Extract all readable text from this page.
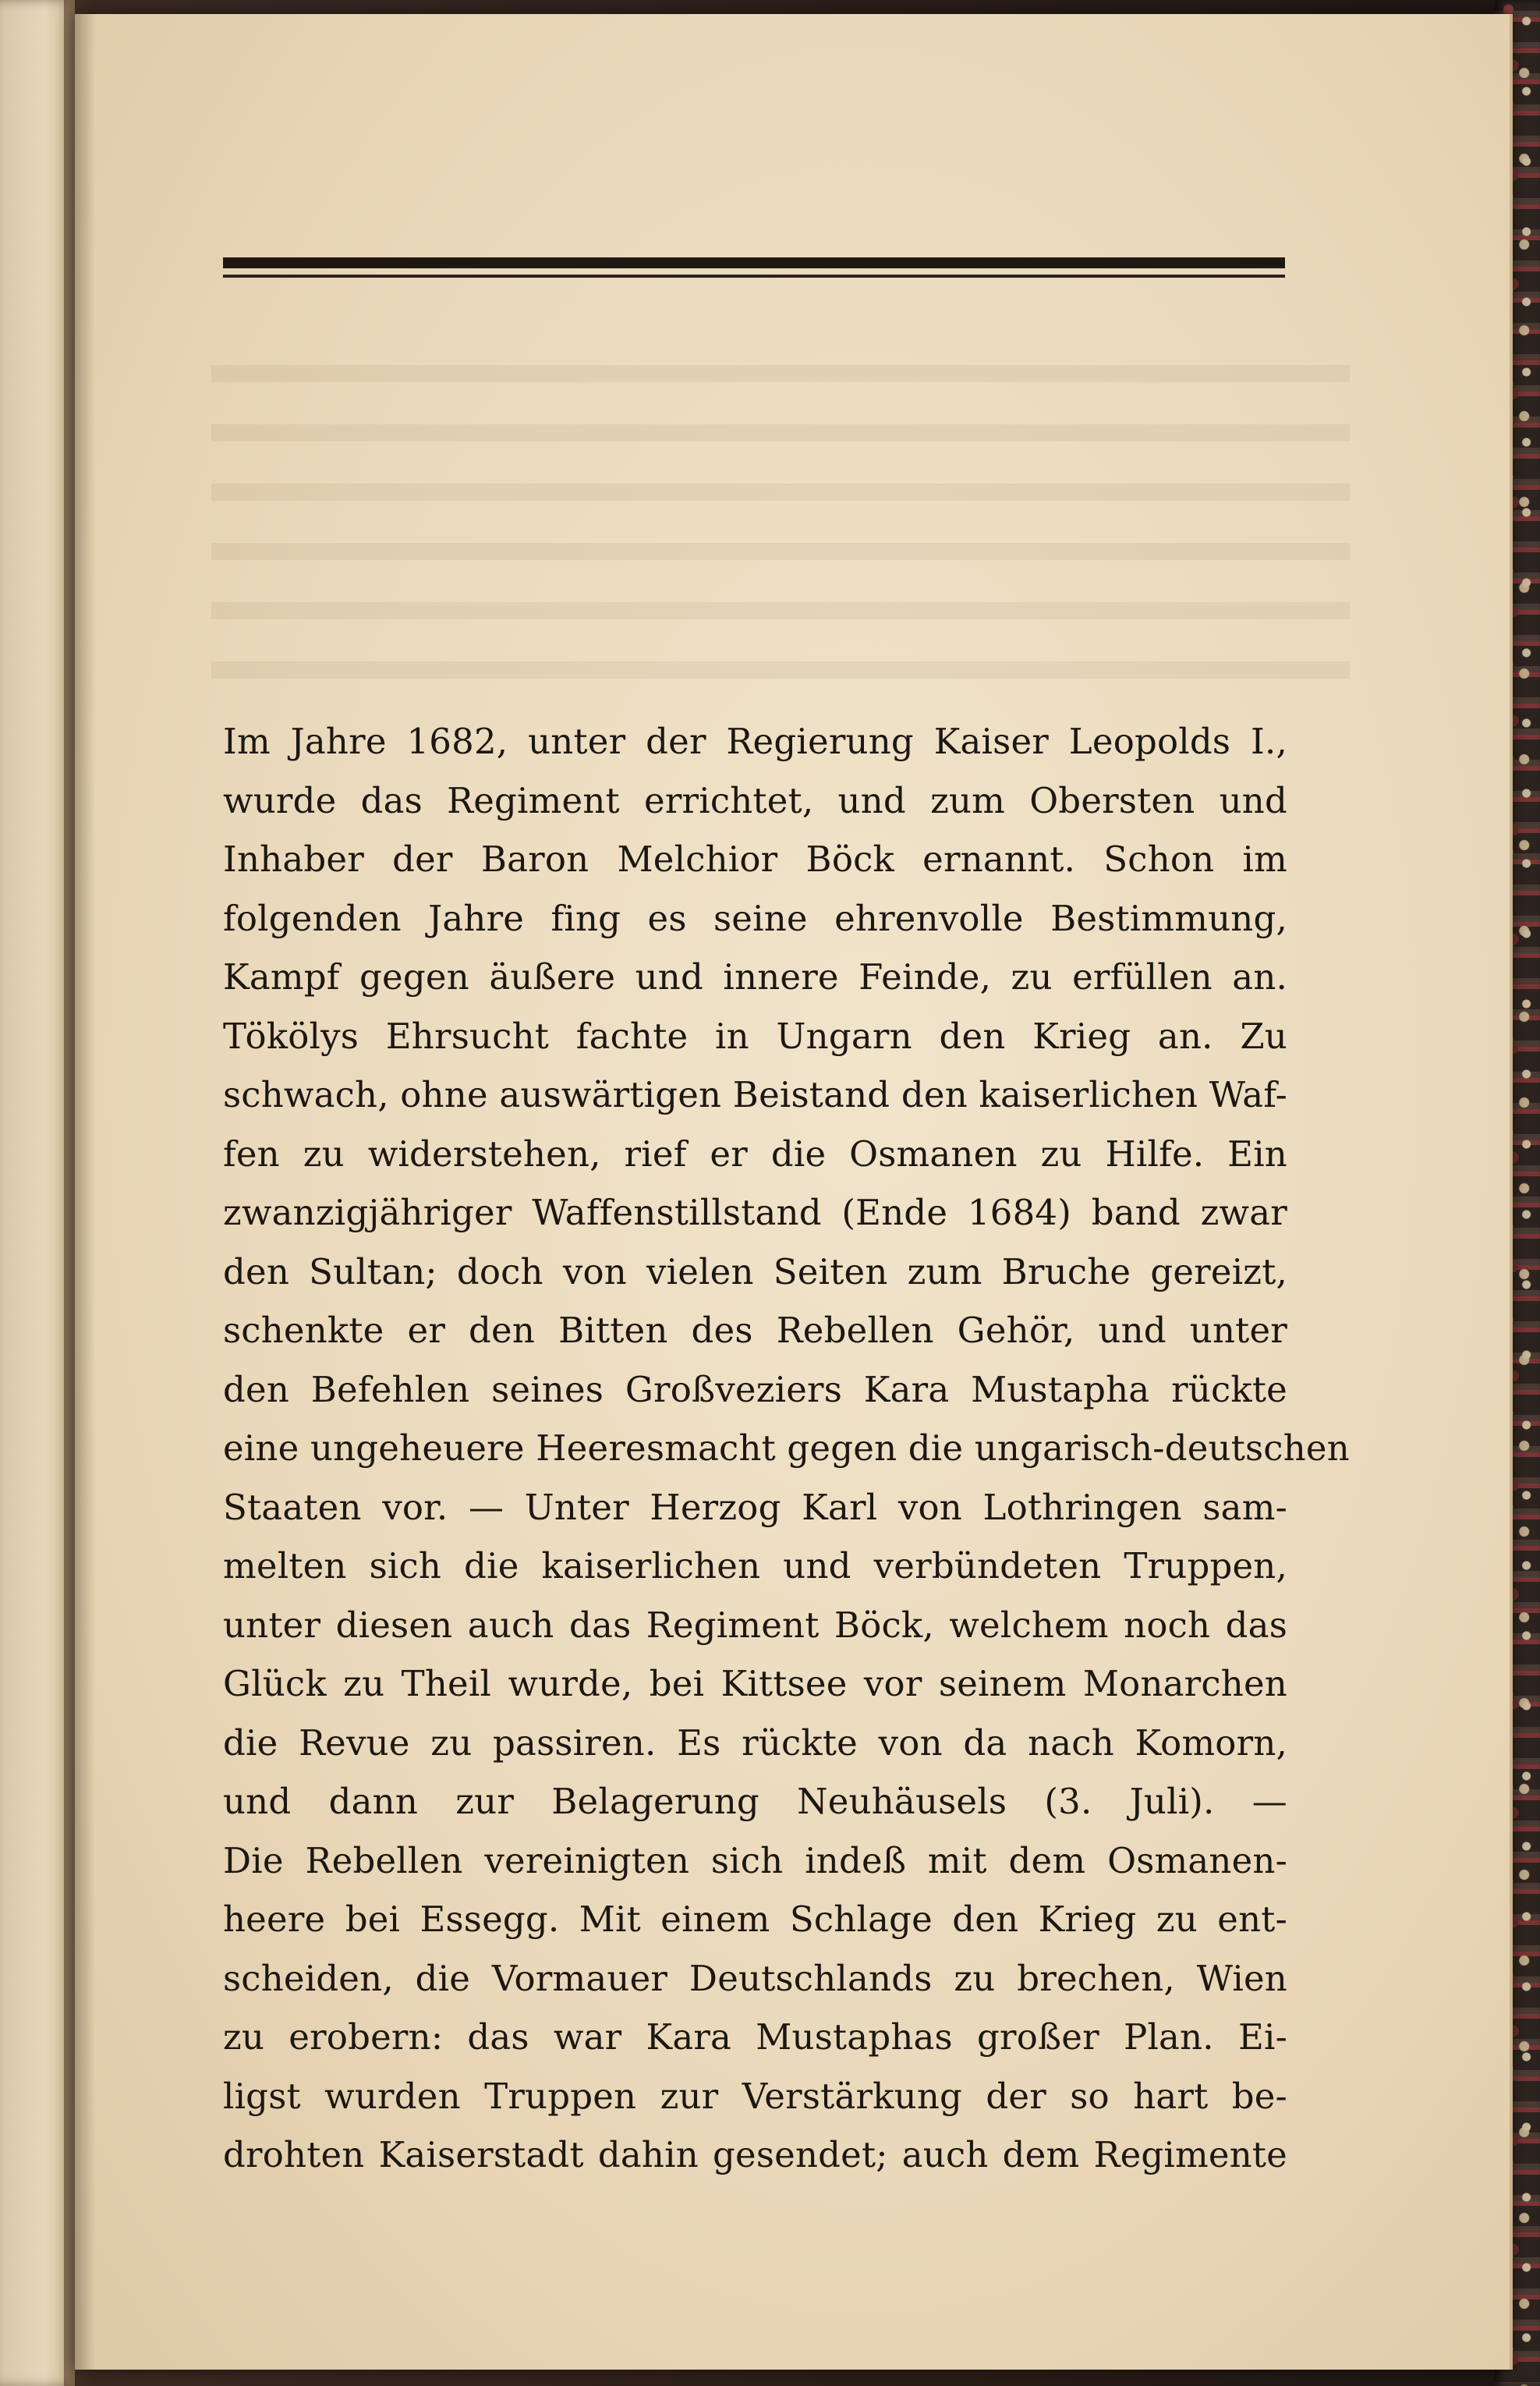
Im Jahre 1682, unter der Regierung Kaiser Leopolds I.,
wurde das Regiment errichtet, und zum Obersten und
Inhaber der Baron Melchior Böck ernannt. Schon im
folgenden Jahre fing es seine ehrenvolle Bestimmung,
Kampf gegen äußere und innere Feinde, zu erfüllen an.
Tökölys Ehrsucht fachte in Ungarn den Krieg an. Zu
schwach, ohne auswärtigen Beistand den kaiserlichen Waf-
fen zu widerstehen, rief er die Osmanen zu Hilfe. Ein
zwanzigjähriger Waffenstillstand (Ende 1684) band zwar
den Sultan; doch von vielen Seiten zum Bruche gereizt,
schenkte er den Bitten des Rebellen Gehör, und unter
den Befehlen seines Großveziers Kara Mustapha rückte
eine ungeheuere Heeresmacht gegen die ungarisch-deutschen
Staaten vor. — Unter Herzog Karl von Lothringen sam-
melten sich die kaiserlichen und verbündeten Truppen,
unter diesen auch das Regiment Böck, welchem noch das
Glück zu Theil wurde, bei Kittsee vor seinem Monarchen
die Revue zu passiren. Es rückte von da nach Komorn,
und dann zur Belagerung Neuhäusels (3. Juli). —
Die Rebellen vereinigten sich indeß mit dem Osmanen-
heere bei Essegg. Mit einem Schlage den Krieg zu ent-
scheiden, die Vormauer Deutschlands zu brechen, Wien
zu erobern: das war Kara Mustaphas großer Plan. Ei-
ligst wurden Truppen zur Verstärkung der so hart be-
drohten Kaiserstadt dahin gesendet; auch dem Regimente
